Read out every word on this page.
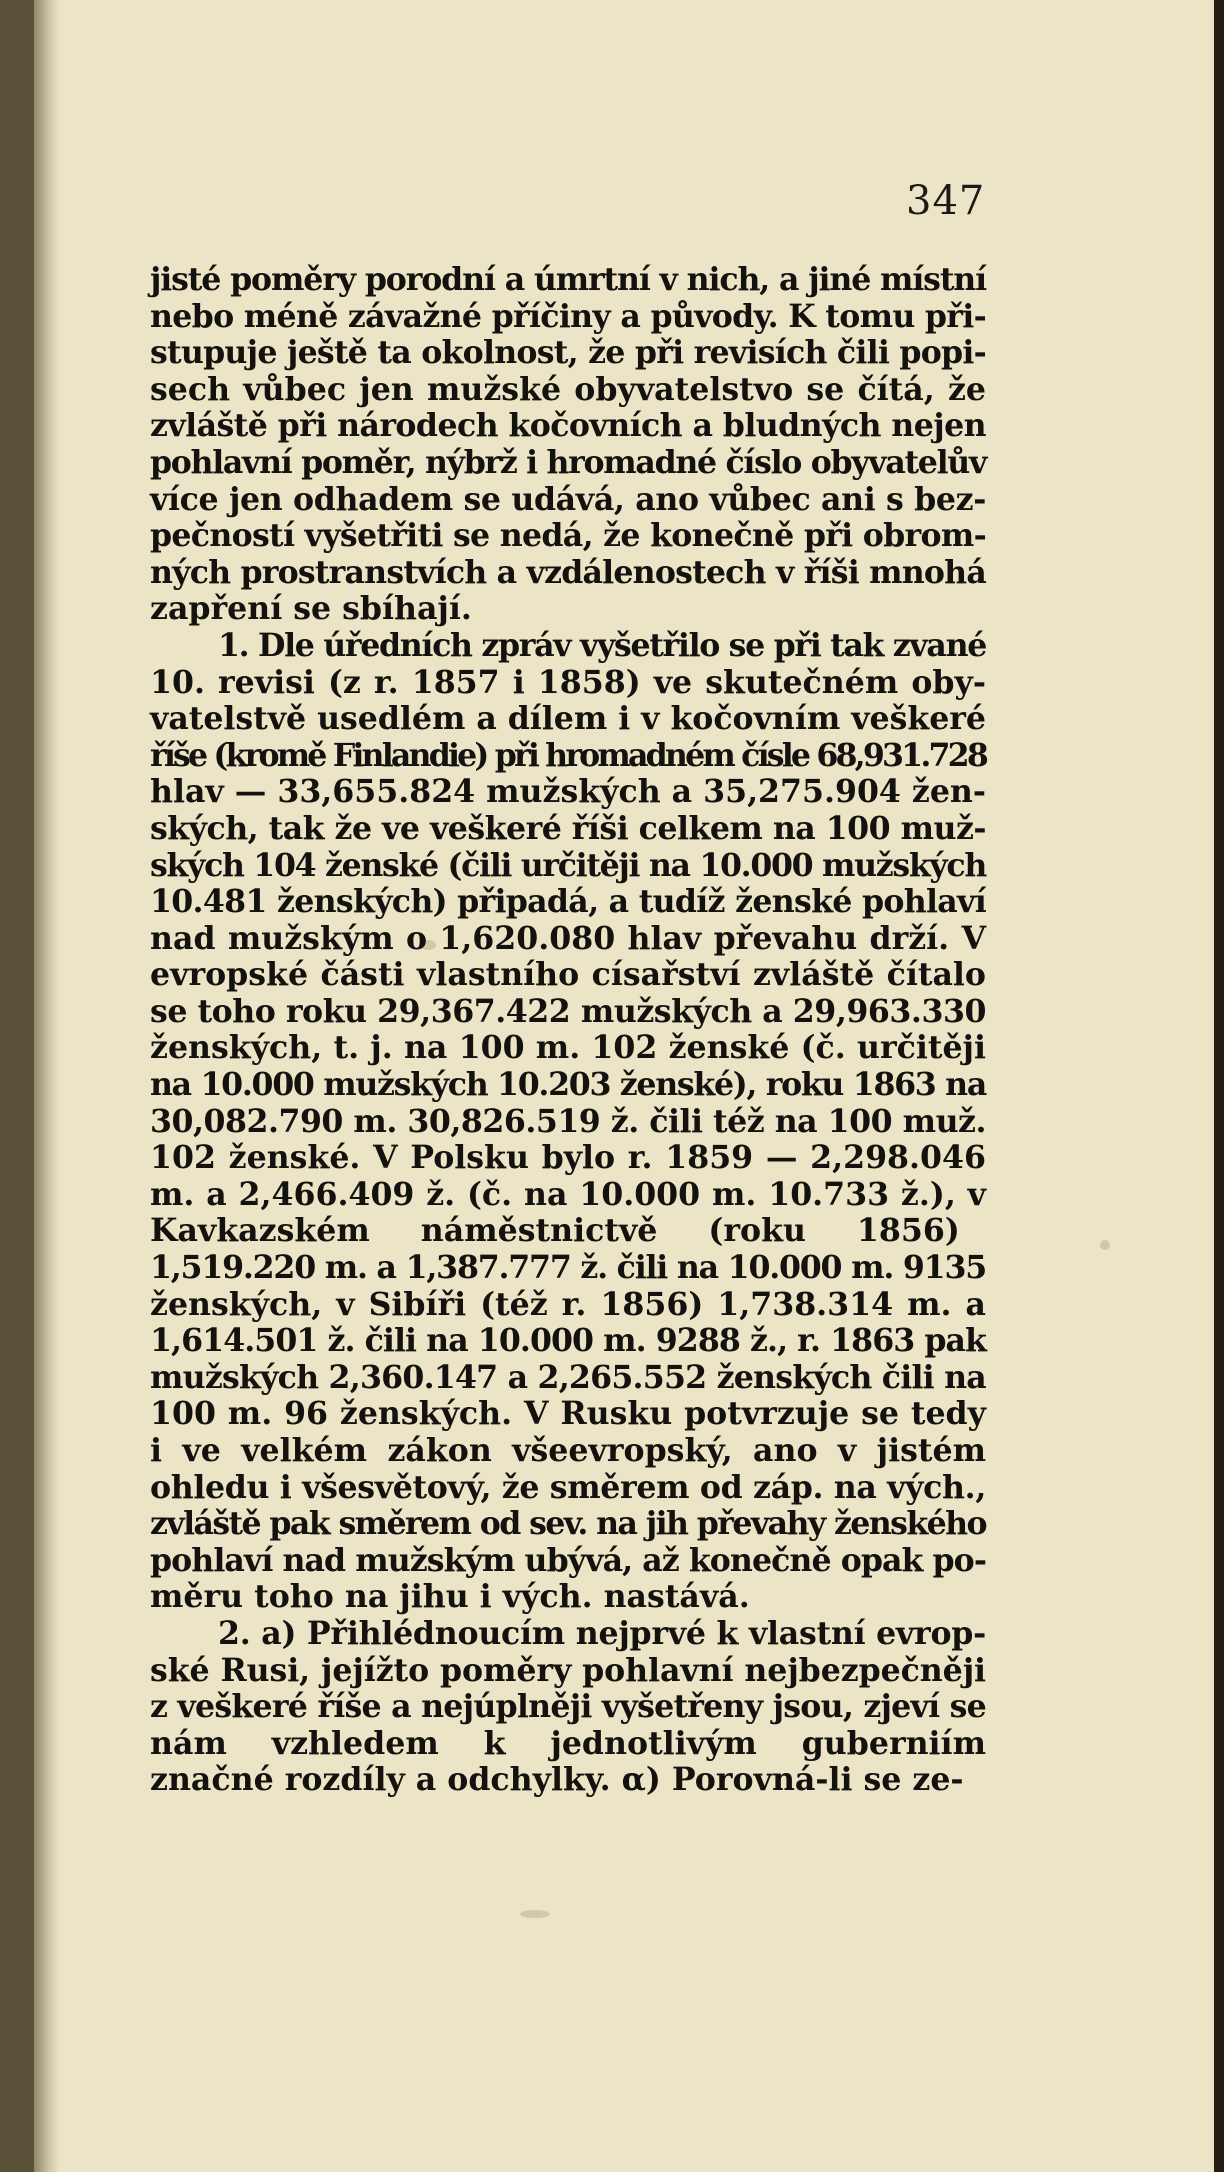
347
jisté poměry porodní a úmrtní v nich, a jiné místní
nebo méně závažné příčiny a původy. K tomu při-
stupuje ještě ta okolnost, že při revisích čili popi-
sech vůbec jen mužské obyvatelstvo se čítá, že
zvláště při národech kočovních a bludných nejen
pohlavní poměr, nýbrž i hromadné číslo obyvatelův
více jen odhadem se udává, ano vůbec ani s bez-
pečností vyšetřiti se nedá, že konečně při obrom-
ných prostranstvích a vzdálenostech v říši mnohá
zapření se sbíhají.
1. Dle úředních zpráv vyšetřilo se při tak zvané
10. revisi (z r. 1857 i 1858) ve skutečném oby-
vatelstvě usedlém a dílem i v kočovním veškeré
říše (kromě Finlandie) při hromadném čísle 68,931.728
hlav — 33,655.824 mužských a 35,275.904 žen-
ských, tak že ve veškeré říši celkem na 100 muž-
ských 104 ženské (čili určitěji na 10.000 mužských
10.481 ženských) připadá, a tudíž ženské pohlaví
nad mužským o 1,620.080 hlav převahu drží. V
evropské části vlastního císařství zvláště čítalo
se toho roku 29,367.422 mužských a 29,963.330
ženských, t. j. na 100 m. 102 ženské (č. určitěji
na 10.000 mužských 10.203 ženské), roku 1863 na
30,082.790 m. 30,826.519 ž. čili též na 100 muž.
102 ženské. V Polsku bylo r. 1859 — 2,298.046
m. a 2,466.409 ž. (č. na 10.000 m. 10.733 ž.), v
Kavkazském náměstnictvě (roku 1856)
1,519.220 m. a 1,387.777 ž. čili na 10.000 m. 9135
ženských, v Sibíři (též r. 1856) 1,738.314 m. a
1,614.501 ž. čili na 10.000 m. 9288 ž., r. 1863 pak
mužských 2,360.147 a 2,265.552 ženských čili na
100 m. 96 ženských. V Rusku potvrzuje se tedy
i ve velkém zákon všeevropský, ano v jistém
ohledu i všesvětový, že směrem od záp. na vých.,
zvláště pak směrem od sev. na jih převahy ženského
pohlaví nad mužským ubývá, až konečně opak po-
měru toho na jihu i vých. nastává.
2. a) Přihlédnoucím nejprvé k vlastní evrop-
ské Rusi, jejížto poměry pohlavní nejbezpečněji
z veškeré říše a nejúplněji vyšetřeny jsou, zjeví se
nám vzhledem k jednotlivým guberniím
značné rozdíly a odchylky. α) Porovná-li se ze-
